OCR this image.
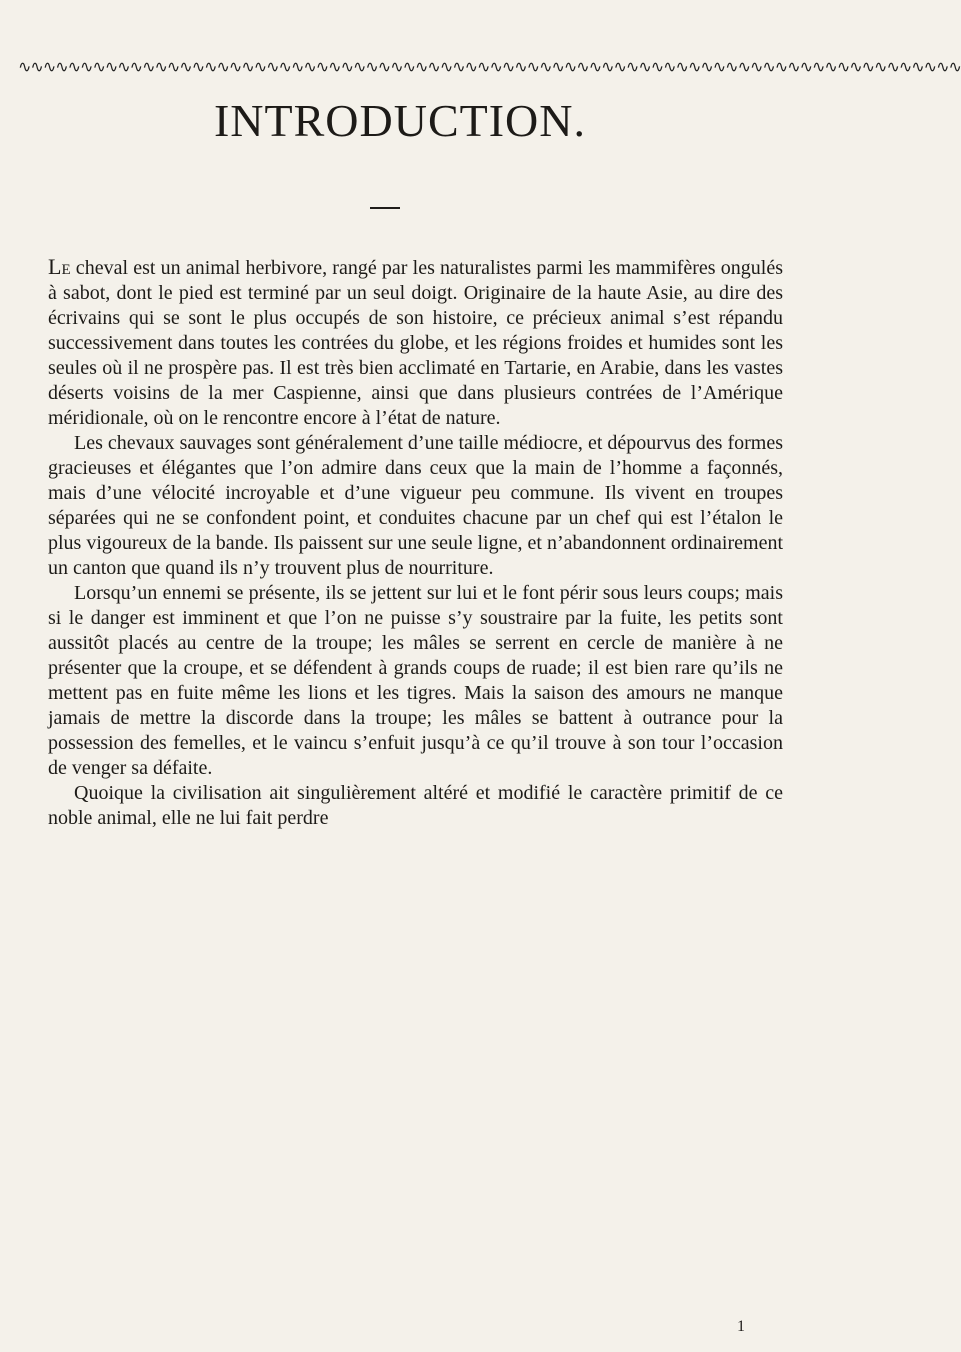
∿∿∿∿∿∿∿∿∿∿∿∿∿∿∿∿∿∿∿∿∿∿∿∿∿∿∿∿∿∿∿∿∿∿∿∿∿∿∿∿∿∿∿∿∿∿∿∿∿∿∿∿∿∿∿∿∿∿∿∿∿∿∿∿∿∿∿∿∿∿∿∿∿∿∿∿
INTRODUCTION.

Le cheval est un animal herbivore, rangé par les naturalistes parmi les mammifères ongulés à sabot, dont le pied est terminé par un seul doigt. Originaire de la haute Asie, au dire des écrivains qui se sont le plus occupés de son histoire, ce précieux animal s’est répandu successivement dans toutes les contrées du globe, et les régions froides et humides sont les seules où il ne prospère pas. Il est très bien acclimaté en Tartarie, en Arabie, dans les vastes déserts voisins de la mer Caspienne, ainsi que dans plusieurs contrées de l’Amérique méridionale, où on le rencontre encore à l’état de nature.

Les chevaux sauvages sont généralement d’une taille médiocre, et dépourvus des formes gracieuses et élégantes que l’on admire dans ceux que la main de l’homme a façonnés, mais d’une vélocité incroyable et d’une vigueur peu commune. Ils vivent en troupes séparées qui ne se confondent point, et conduites chacune par un chef qui est l’étalon le plus vigoureux de la bande. Ils paissent sur une seule ligne, et n’abandonnent ordinairement un canton que quand ils n’y trouvent plus de nourriture.

Lorsqu’un ennemi se présente, ils se jettent sur lui et le font périr sous leurs coups; mais si le danger est imminent et que l’on ne puisse s’y soustraire par la fuite, les petits sont aussitôt placés au centre de la troupe; les mâles se serrent en cercle de manière à ne présenter que la croupe, et se défendent à grands coups de ruade; il est bien rare qu’ils ne mettent pas en fuite même les lions et les tigres. Mais la saison des amours ne manque jamais de mettre la discorde dans la troupe; les mâles se battent à outrance pour la possession des femelles, et le vaincu s’enfuit jusqu’à ce qu’il trouve à son tour l’occasion de venger sa défaite.

Quoique la civilisation ait singulièrement altéré et modifié le caractère primitif de ce noble animal, elle ne lui fait perdre

1
